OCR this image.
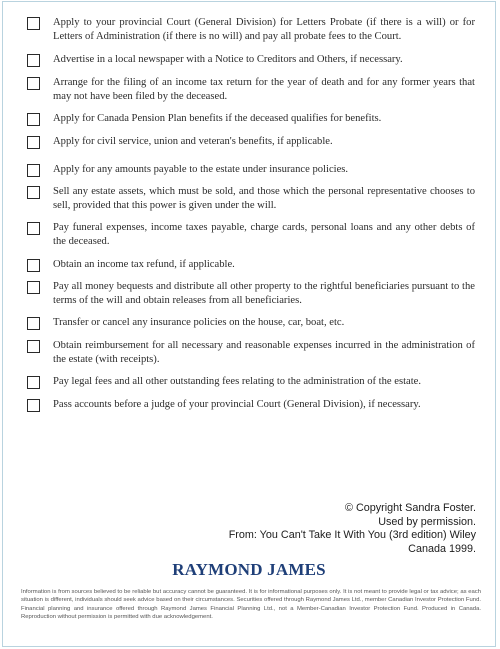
Apply to your provincial Court (General Division) for Letters Probate (if there is a will) or for Letters of Administration (if there is no will) and pay all probate fees to the Court.
Advertise in a local newspaper with a Notice to Creditors and Others, if necessary.
Arrange for the filing of an income tax return for the year of death and for any former years that may not have been filed by the deceased.
Apply for Canada Pension Plan benefits if the deceased qualifies for benefits.
Apply for civil service, union and veteran's benefits, if applicable.
Apply for any amounts payable to the estate under insurance policies.
Sell any estate assets, which must be sold, and those which the personal representative chooses to sell, provided that this power is given under the will.
Pay funeral expenses, income taxes payable, charge cards, personal loans and any other debts of the deceased.
Obtain an income tax refund, if applicable.
Pay all money bequests and distribute all other property to the rightful beneficiaries pursuant to the terms of the will and obtain releases from all beneficiaries.
Transfer or cancel any insurance policies on the house, car, boat, etc.
Obtain reimbursement for all necessary and reasonable expenses incurred in the administration of the estate (with receipts).
Pay legal fees and all other outstanding fees relating to the administration of the estate.
Pass accounts before a judge of your provincial Court (General Division), if necessary.
© Copyright Sandra Foster.
Used by permission.
From: You Can't Take It With You (3rd edition) Wiley
Canada 1999.
RAYMOND JAMES
Information is from sources believed to be reliable but accuracy cannot be guaranteed. It is for informational purposes only. It is not meant to provide legal or tax advice; as each situation is different, individuals should seek advice based on their circumstances. Securities offered through Raymond James Ltd., member Canadian Investor Protection Fund. Financial planning and insurance offered through Raymond James Financial Planning Ltd., not a Member-Canadian Investor Protection Fund. Produced in Canada. Reproduction without permission is permitted with due acknowledgement.
